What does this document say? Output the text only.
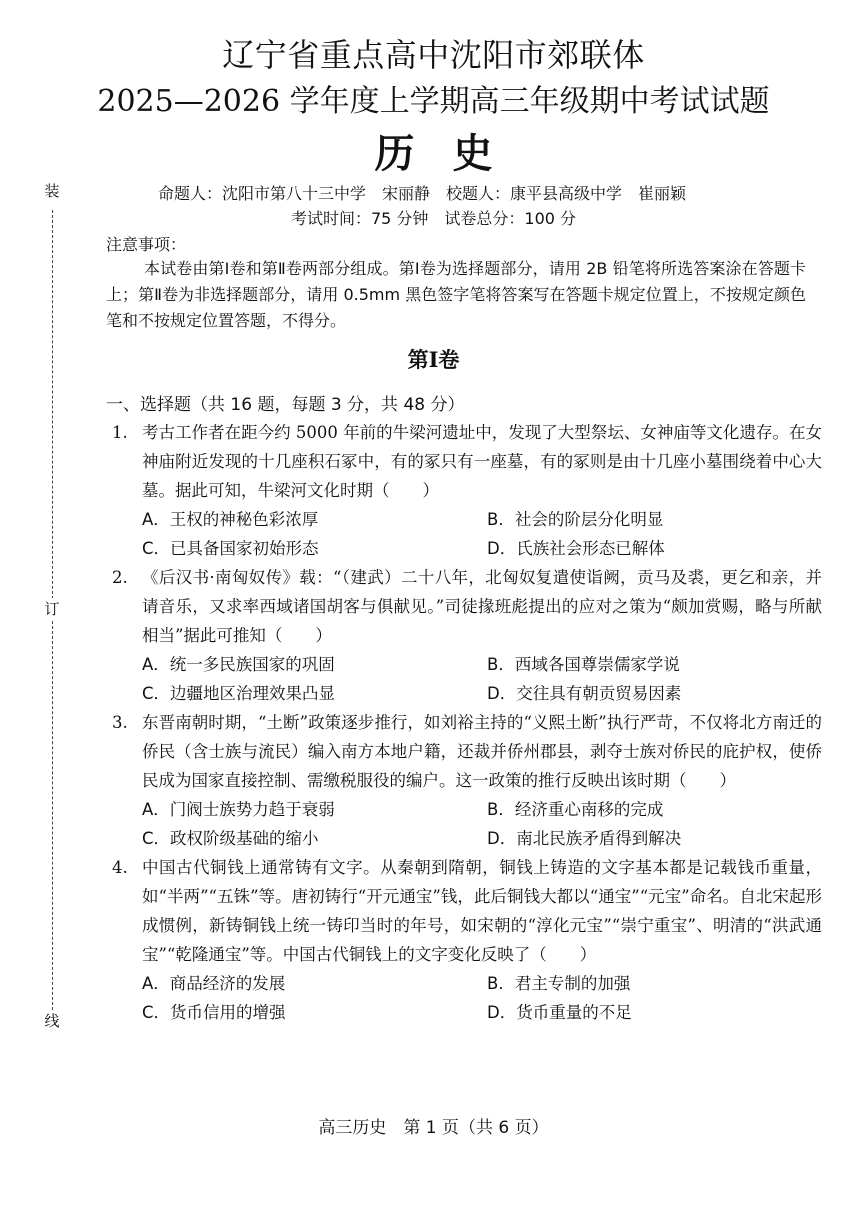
装
订
线
辽宁省重点高中沈阳市郊联体
2025—2026 学年度上学期高三年级期中考试试题
历史
命题人：沈阳市第八十三中学　宋丽静　校题人：康平县高级中学　崔丽颖
考试时间：75 分钟　试卷总分：100 分
注意事项：
本试卷由第Ⅰ卷和第Ⅱ卷两部分组成。第Ⅰ卷为选择题部分，请用 2B 铅笔将所选答案涂在答题卡上；第Ⅱ卷为非选择题部分，请用 0.5mm 黑色签字笔将答案写在答题卡规定位置上，不按规定颜色笔和不按规定位置答题，不得分。
第Ⅰ卷
一、选择题（共 16 题，每题 3 分，共 48 分）
1. 考古工作者在距今约 5000 年前的牛梁河遗址中，发现了大型祭坛、女神庙等文化遗存。在女神庙附近发现的十几座积石冢中，有的冢只有一座墓，有的冢则是由十几座小墓围绕着中心大墓。据此可知，牛梁河文化时期（　　）
A．王权的神秘色彩浓厚	B．社会的阶层分化明显
C．已具备国家初始形态	D．氏族社会形态已解体
2. 《后汉书·南匈奴传》载：“（建武）二十八年，北匈奴复遣使诣阙，贡马及裘，更乞和亲，并请音乐，又求率西域诸国胡客与俱献见。”司徒掾班彪提出的应对之策为“颇加赏赐，略与所献相当”据此可推知（　　）
A．统一多民族国家的巩固	B．西域各国尊崇儒家学说
C．边疆地区治理效果凸显	D．交往具有朝贡贸易因素
3. 东晋南朝时期，“土断”政策逐步推行，如刘裕主持的“义熙土断”执行严苛，不仅将北方南迁的侨民（含士族与流民）编入南方本地户籍，还裁并侨州郡县，剥夺士族对侨民的庇护权，使侨民成为国家直接控制、需缴税服役的编户。这一政策的推行反映出该时期（　　）
A．门阀士族势力趋于衰弱	B．经济重心南移的完成
C．政权阶级基础的缩小	D．南北民族矛盾得到解决
4. 中国古代铜钱上通常铸有文字。从秦朝到隋朝，铜钱上铸造的文字基本都是记载钱币重量，如“半两”“五铢”等。唐初铸行“开元通宝”钱，此后铜钱大都以“通宝”“元宝”命名。自北宋起形成惯例，新铸铜钱上统一铸印当时的年号，如宋朝的“淳化元宝”“崇宁重宝”、明清的“洪武通宝”“乾隆通宝”等。中国古代铜钱上的文字变化反映了（　　）
A．商品经济的发展	B．君主专制的加强
C．货币信用的增强	D．货币重量的不足
高三历史　第 1 页（共 6 页）
